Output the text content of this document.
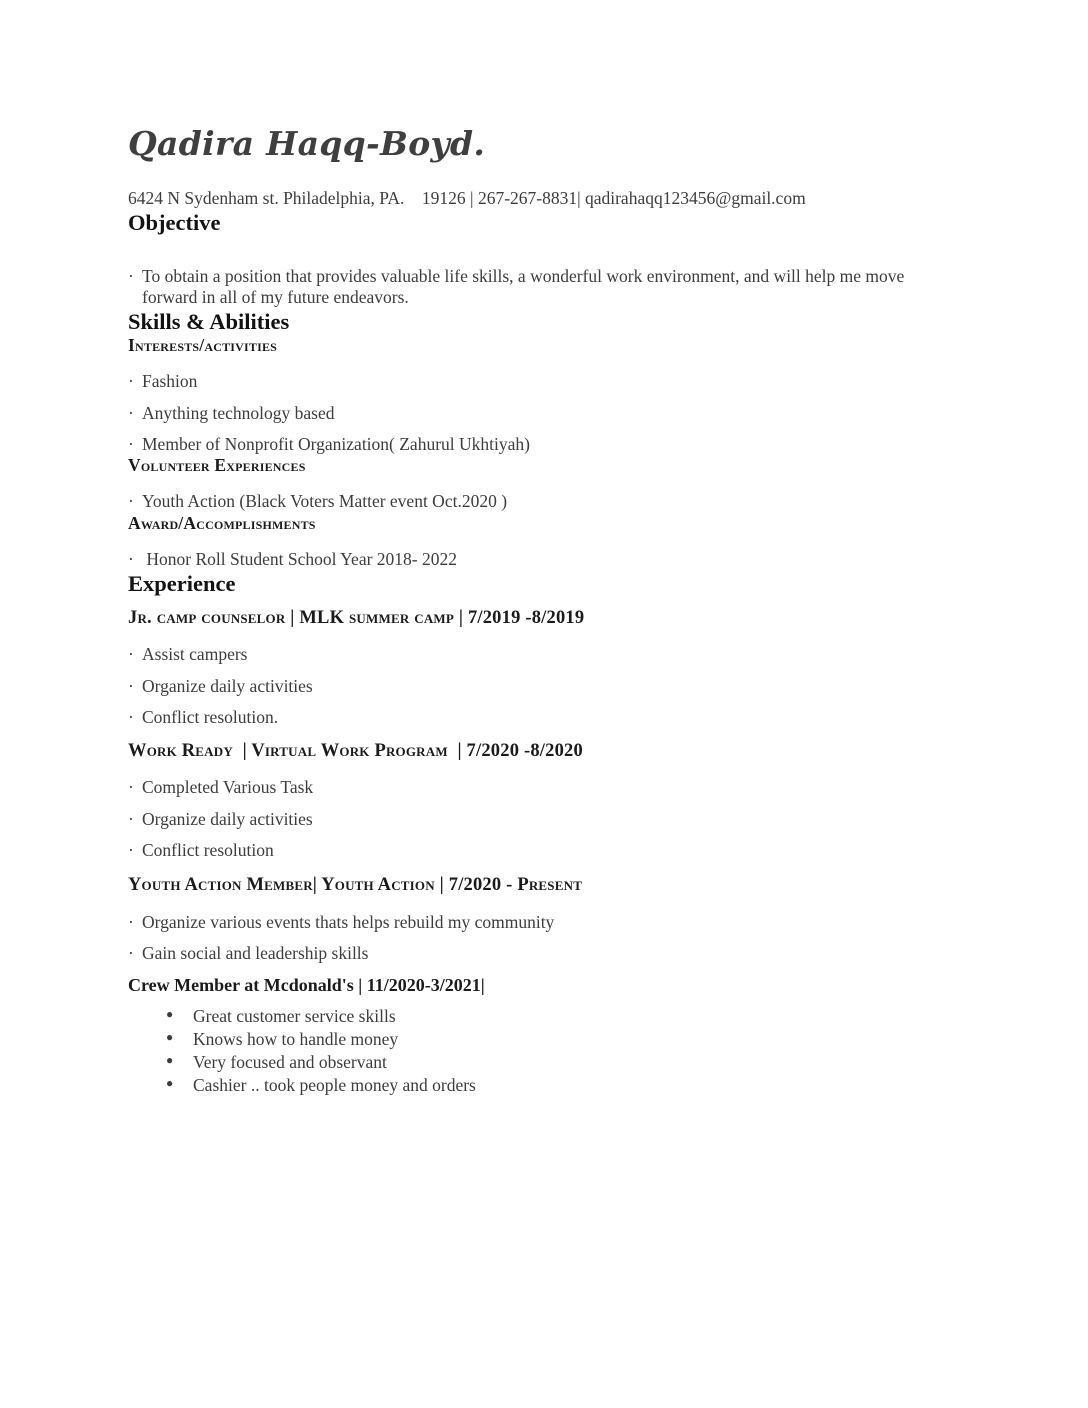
Qadira Haqq-Boyd.

6424 N Sydenham st. Philadelphia, PA.    19126 | 267-267-8831| qadirahaqq123456@gmail.com

Objective
· To obtain a position that provides valuable life skills, a wonderful work environment, and will help me move forward in all of my future endeavors.
Skills & Abilities
Interests/activities
· Fashion
· Anything technology based
· Member of Nonprofit Organization( Zahurul Ukhtiyah)
Volunteer Experiences
· Youth Action (Black Voters Matter event Oct.2020 )
Award/Accomplishments
· Honor Roll Student School Year 2018- 2022
Experience
Jr. camp counselor | MLK summer camp | 7/2019 -8/2019
· Assist campers
· Organize daily activities
· Conflict resolution.
Work Ready  | Virtual Work Program  | 7/2020 -8/2020
· Completed Various Task
· Organize daily activities
· Conflict resolution
Youth Action Member| Youth Action | 7/2020 - Present
· Organize various events thats helps rebuild my community
· Gain social and leadership skills
Crew Member at Mcdonald's | 11/2020-3/2021|
●	Great customer service skills
●	Knows how to handle money
●	Very focused and observant
●	Cashier .. took people money and orders
